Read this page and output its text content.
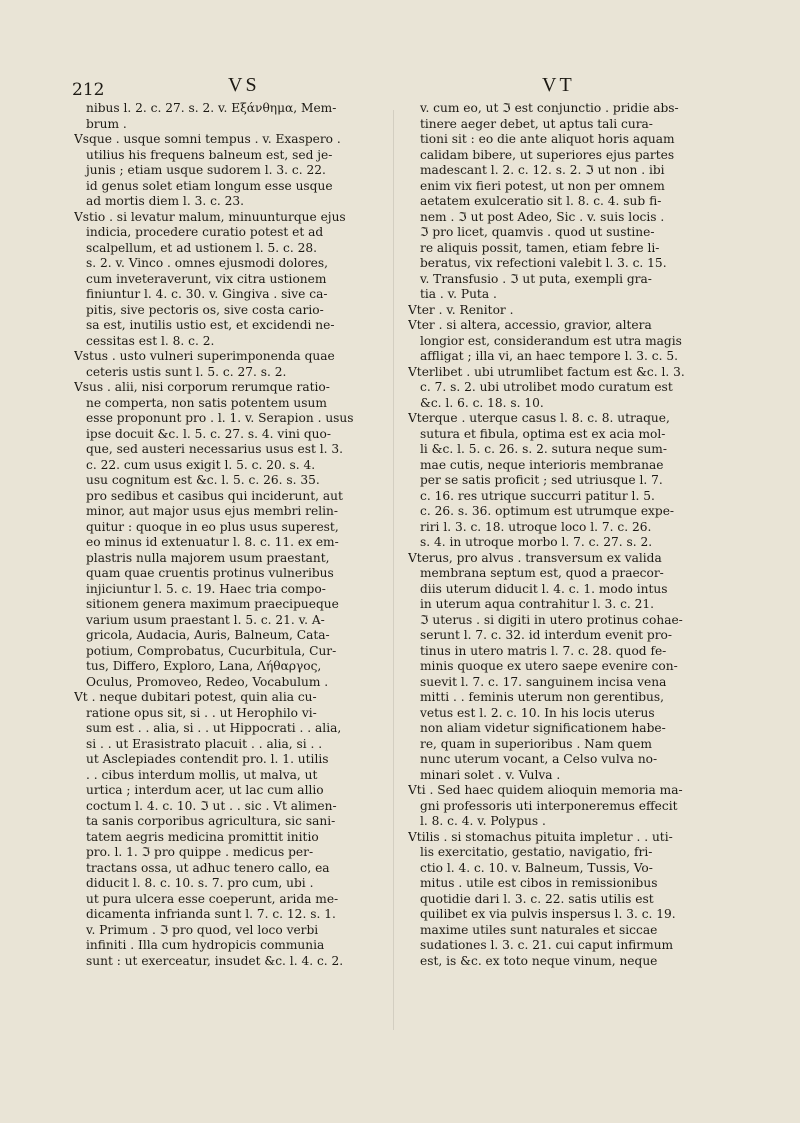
212	VS	VT
nibus l. 2. c. 27. s. 2. v. Eξάνθημα, Mem-
brum .
Vsque . usque somni tempus . v. Exaspero .
utilius his frequens balneum est, sed je-
junis ; etiam usque sudorem l. 3. c. 22.
id genus solet etiam longum esse usque
ad mortis diem l. 3. c. 23.
Vstio . si levatur malum, minuunturque ejus
indicia, procedere curatio potest et ad
scalpellum, et ad ustionem l. 5. c. 28.
s. 2. v. Vinco . omnes ejusmodi dolores,
cum inveteraverunt, vix citra ustionem
finiuntur l. 4. c. 30. v. Gingiva . sive ca-
pitis, sive pectoris os, sive costa cario-
sa est, inutilis ustio est, et excidendi ne-
cessitas est l. 8. c. 2.
Vstus . usto vulneri superimponenda quae
ceteris ustis sunt l. 5. c. 27. s. 2.
Vsus . alii, nisi corporum rerumque ratio-
ne comperta, non satis potentem usum
esse proponunt pro . l. 1. v. Serapion . usus
ipse docuit &c. l. 5. c. 27. s. 4. vini quo-
que, sed austeri necessarius usus est l. 3.
c. 22. cum usus exigit l. 5. c. 20. s. 4.
usu cognitum est &c. l. 5. c. 26. s. 35.
pro sedibus et casibus qui inciderunt, aut
minor, aut major usus ejus membri relin-
quitur : quoque in eo plus usus superest,
eo minus id extenuatur l. 8. c. 11. ex em-
plastris nulla majorem usum praestant,
quam quae cruentis protinus vulneribus
injiciuntur l. 5. c. 19. Haec tria compo-
sitionem genera maximum praecipueque
varium usum praestant l. 5. c. 21. v. A-
gricola, Audacia, Auris, Balneum, Cata-
potium, Comprobatus, Cucurbitula, Cur-
tus, Differo, Exploro, Lana, Λήθαργος,
Oculus, Promoveo, Redeo, Vocabulum .
Vt . neque dubitari potest, quin alia cu-
ratione opus sit, si . . ut Herophilo vi-
sum est . . alia, si . . ut Hippocrati . . alia,
si . . ut Erasistrato placuit . . alia, si . .
ut Asclepiades contendit pro. l. 1. utilis
. . cibus interdum mollis, ut malva, ut
urtica ; interdum acer, ut lac cum allio
coctum l. 4. c. 10. ℑ ut . . sic . Vt alimen-
ta sanis corporibus agricultura, sic sani-
tatem aegris medicina promittit initio
pro. l. 1. ℑ pro quippe . medicus per-
tractans ossa, ut adhuc tenero callo, ea
diducit l. 8. c. 10. s. 7. pro cum, ubi .
ut pura ulcera esse coeperunt, arida me-
dicamenta infrianda sunt l. 7. c. 12. s. 1.
v. Primum . ℑ pro quod, vel loco verbi
infiniti . Illa cum hydropicis communia
sunt : ut exerceatur, insudet &c. l. 4. c. 2.
v. cum eo, ut ℑ est conjunctio . pridie abs-
tinere aeger debet, ut aptus tali cura-
tioni sit : eo die ante aliquot horis aquam
calidam bibere, ut superiores ejus partes
madescant l. 2. c. 12. s. 2. ℑ ut non . ibi
enim vix fieri potest, ut non per omnem
aetatem exulceratio sit l. 8. c. 4. sub fi-
nem . ℑ ut post Adeo, Sic . v. suis locis .
ℑ pro licet, quamvis . quod ut sustine-
re aliquis possit, tamen, etiam febre li-
beratus, vix refectioni valebit l. 3. c. 15.
v. Transfusio . ℑ ut puta, exempli gra-
tia . v. Puta .
Vter . v. Renitor .
Vter . si altera, accessio, gravior, altera
longior est, considerandum est utra magis
affligat ; illa vi, an haec tempore l. 3. c. 5.
Vterlibet . ubi utrumlibet factum est &c. l. 3.
c. 7. s. 2. ubi utrolibet modo curatum est
&c. l. 6. c. 18. s. 10.
Vterque . uterque casus l. 8. c. 8. utraque,
sutura et fibula, optima est ex acia mol-
li &c. l. 5. c. 26. s. 2. sutura neque sum-
mae cutis, neque interioris membranae
per se satis proficit ; sed utriusque l. 7.
c. 16. res utrique succurri patitur l. 5.
c. 26. s. 36. optimum est utrumque expe-
riri l. 3. c. 18. utroque loco l. 7. c. 26.
s. 4. in utroque morbo l. 7. c. 27. s. 2.
Vterus, pro alvus . transversum ex valida
membrana septum est, quod a praecor-
diis uterum diducit l. 4. c. 1. modo intus
in uterum aqua contrahitur l. 3. c. 21.
ℑ uterus . si digiti in utero protinus cohae-
serunt l. 7. c. 32. id interdum evenit pro-
tinus in utero matris l. 7. c. 28. quod fe-
minis quoque ex utero saepe evenire con-
suevit l. 7. c. 17. sanguinem incisa vena
mitti . . feminis uterum non gerentibus,
vetus est l. 2. c. 10. In his locis uterus
non aliam videtur significationem habe-
re, quam in superioribus . Nam quem
nunc uterum vocant, a Celso vulva no-
minari solet . v. Vulva .
Vti . Sed haec quidem alioquin memoria ma-
gni professoris uti interponeremus effecit
l. 8. c. 4. v. Polypus .
Vtilis . si stomachus pituita impletur . . uti-
lis exercitatio, gestatio, navigatio, fri-
ctio l. 4. c. 10. v. Balneum, Tussis, Vo-
mitus . utile est cibos in remissionibus
quotidie dari l. 3. c. 22. satis utilis est
quilibet ex via pulvis inspersus l. 3. c. 19.
maxime utiles sunt naturales et siccae
sudationes l. 3. c. 21. cui caput infirmum
est, is &c. ex toto neque vinum, neque
